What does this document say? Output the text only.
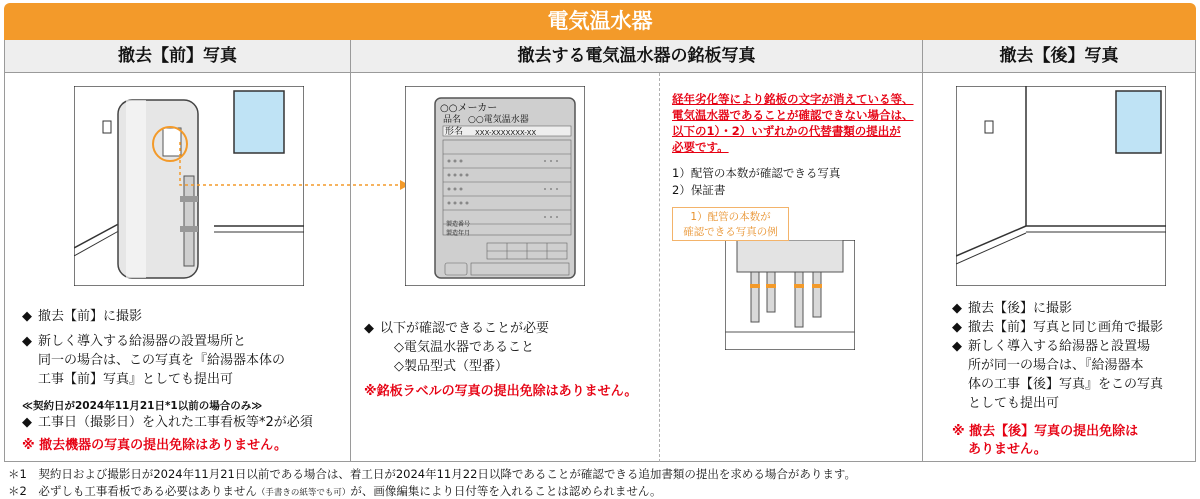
電気温水器
撤去【前】写真	撤去する電気温水器の銘板写真	撤去【後】写真
○○メーカー
品名 ○○電気温水器
形名 XXX-XXXXXXX-XX
製造番号
製造年月
◆ 撤去【前】に撮影
◆ 新しく導入する給湯器の設置場所と
同一の場合は、この写真を『給湯器本体の
工事【前】写真』としても提出可
≪契約日が2024年11月21日*1以前の場合のみ≫
◆ 工事日（撮影日）を入れた工事看板等*2が必須
※ 撤去機器の写真の提出免除はありません。
◆ 以下が確認できることが必要
◇電気温水器であること
◇製品型式（型番）
※銘板ラベルの写真の提出免除はありません。
経年劣化等により銘板の文字が消えている等、
電気温水器であることが確認できない場合は、
以下の1）・2）いずれかの代替書類の提出が
必要です。
1）配管の本数が確認できる写真
2）保証書
1）配管の本数が
確認できる写真の例
◆ 撤去【後】に撮影
◆ 撤去【前】写真と同じ画角で撮影
◆ 新しく導入する給湯器と設置場
所が同一の場合は、『給湯器本
体の工事【後】写真』をこの写真
としても提出可
※ 撤去【後】写真の提出免除は
ありません。
＊1　契約日および撮影日が2024年11月21日以前である場合は、着工日が2024年11月22日以降であることが確認できる追加書類の提出を求める場合があります。
＊2　必ずしも工事看板である必要はありません（手書きの紙等でも可）が、画像編集により日付等を入れることは認められません。
